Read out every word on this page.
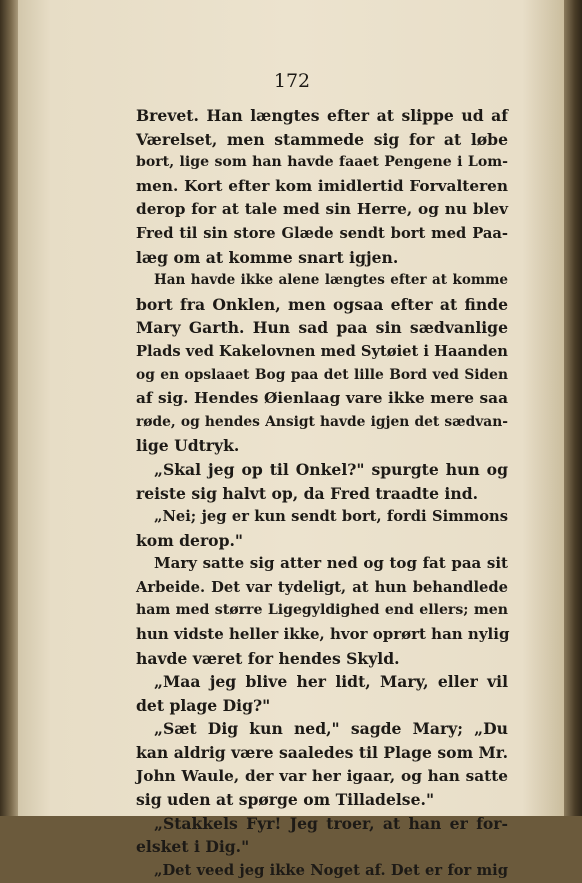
172
Brevet. Han længtes efter at slippe ud af
Værelset, men stammede sig for at løbe
bort, lige som han havde faaet Pengene i Lom-
men. Kort efter kom imidlertid Forvalteren
derop for at tale med sin Herre, og nu blev
Fred til sin store Glæde sendt bort med Paa-
læg om at komme snart igjen.
Han havde ikke alene længtes efter at komme
bort fra Onklen, men ogsaa efter at finde
Mary Garth. Hun sad paa sin sædvanlige
Plads ved Kakelovnen med Sytøiet i Haanden
og en opslaaet Bog paa det lille Bord ved Siden
af sig. Hendes Øienlaag vare ikke mere saa
røde, og hendes Ansigt havde igjen det sædvan-
lige Udtryk.
„Skal jeg op til Onkel?" spurgte hun og
reiste sig halvt op, da Fred traadte ind.
„Nei; jeg er kun sendt bort, fordi Simmons
kom derop."
Mary satte sig atter ned og tog fat paa sit
Arbeide. Det var tydeligt, at hun behandlede
ham med større Ligegyldighed end ellers; men
hun vidste heller ikke, hvor oprørt han nylig
havde været for hendes Skyld.
„Maa jeg blive her lidt, Mary, eller vil
det plage Dig?"
„Sæt Dig kun ned," sagde Mary; „Du
kan aldrig være saaledes til Plage som Mr.
John Waule, der var her igaar, og han satte
sig uden at spørge om Tilladelse."
„Stakkels Fyr! Jeg troer, at han er for-
elsket i Dig."
„Det veed jeg ikke Noget af. Det er for mig
